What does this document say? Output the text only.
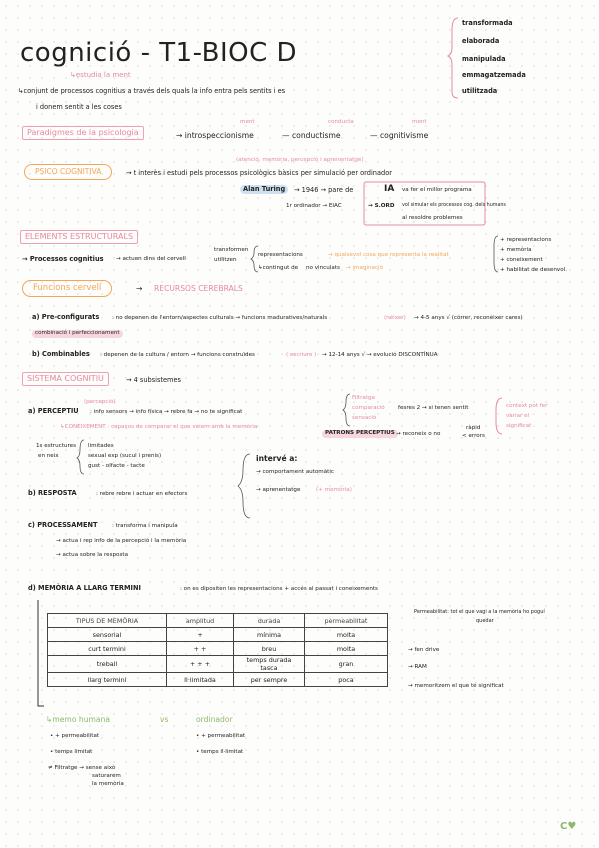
cognició - T1-BIOC D
↳estudia la ment
↳conjunt de processos cognitius a través dels quals la info entra pels sentits i es
i donem sentit a les coses
transformada
elaborada
manipulada
emmagatzemada
utilitzada
Paradigmes de la psicologia
ment	conducta	ment
→ introspeccionisme	— conductisme	— cognitivisme
PSICO COGNITIVA
(atenció, memòria, percepció i aprenentatge)
→ t interès i estudi pels processos psicològics bàsics per simulació per ordinador
Alan Turing	→ 1946 → pare de	IA va fer el millor programa
1r ordinador → EIAC	→ S.ORD vol simular els processos cog. dels humans
al resoldre problemes
ELEMENTS ESTRUCTURALS
→ Processos cognitius → actuen dins del cervell
transformen
utilitzen
representacions	→ qualsevol cosa que representa la realitat
↳contingut de no vinculats → imaginació
+ representacions
+ memòria
+ coneixement
+ habilitat de desenvol.
Funcions cervell	→ RECURSOS CEREBRALS
a) Pre-configurats : no depenen de l'entorn/aspectes culturals → funcions maduratives/naturals	(néixer) → 4-5 anys √ (córrer, reconèixer cares)
combinació i perfeccionament
b) Combinables : depenen de la cultura / entorn → funcions construïdes	( escriure ) → 12-14 anys √ → evolució DISCONTÍNUA
SISTEMA COGNITIU	→ 4 subsistemes
(percepció)
a) PERCEPTIU : info sensors → info física → rebre fa → no te significat
Filtratge
comparació
sensació
fesres 2 → si tenen sentit
↳CONEIXEMENT : capaços de comparar el que veiem amb la memòria
PATRONS PERCEPTIUS → reconeix o no
ràpid
< errors
context pot fer
variar el
significat
1s estructures
en neix
limitades
sexual exp (sucul i prenis)
gust - olfacte - tacte
intervé a:
→ comportament automàtic
b) RESPOSTA	: rebre rebre i actuar en efectors
→ aprenentatge	(+ memòria)
c) PROCESSAMENT	: transforma i manipula
→ actua i rep info de la percepció i la memòria
→ actua sobre la resposta
d) MEMÒRIA A LLARG TERMINI	: on es dipositen les representacions + accés al passat i coneixements
TIPUS DE MEMÒRIA	amplitud	durada	permeabilitat
sensorial	+	mínima	molta
curt termini	+ +	breu	molta
treball	+ + +	temps durada tasca	gran
llarg termini	Il·limitada	per sempre	poca
→ fen drive
→ RAM
→ memoritzem el que té significat
Permeabilitat: tot el que vagi a la memòria ho poguí
quedar
↳memo humana	vs	ordinador
• + permeabilitat
• temps limitat
≠ Filtratge → sense això
saturarem
la memòria
• + permeabilitat
• temps il·limitat
C♥
